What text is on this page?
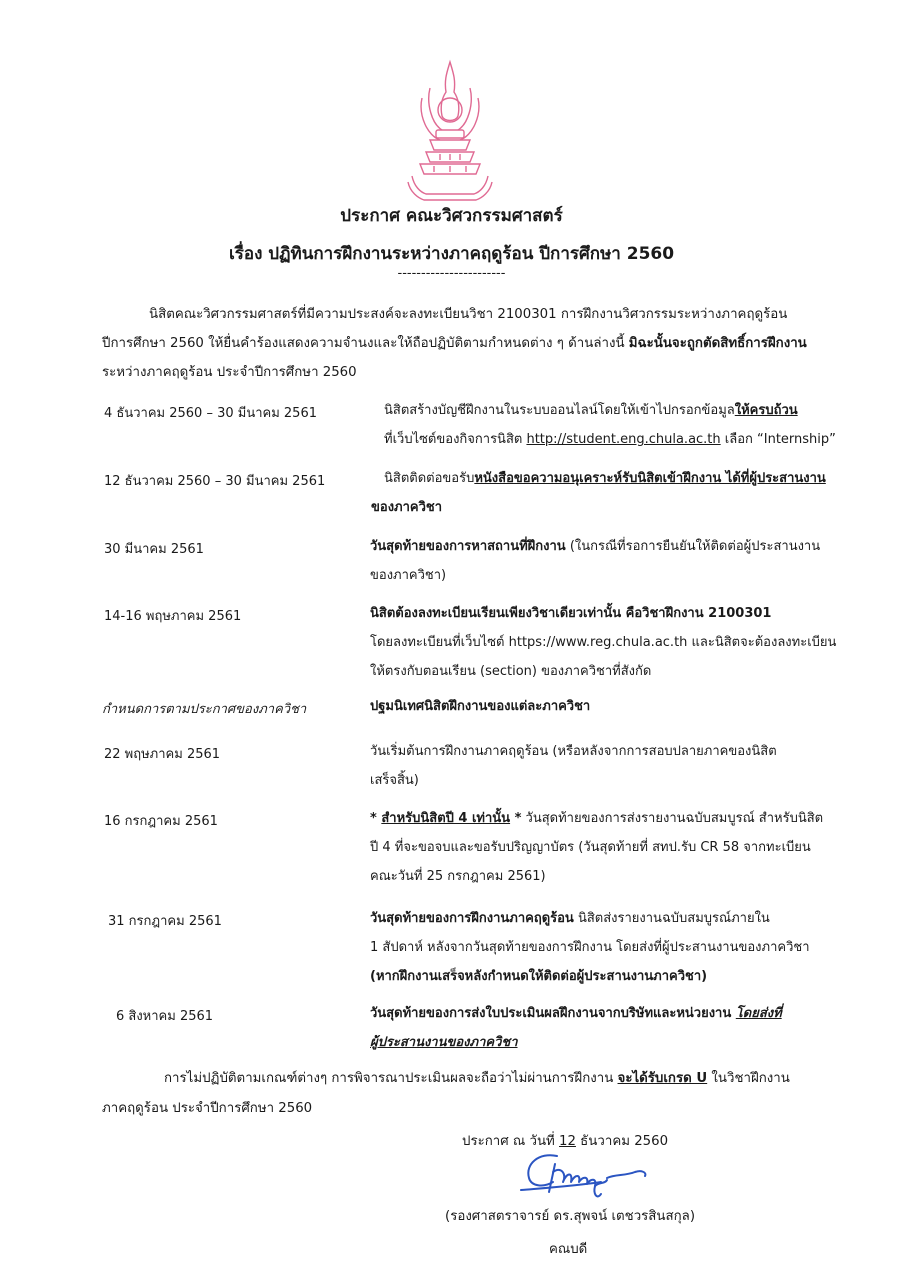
ประกาศ คณะวิศวกรรมศาสตร์
เรื่อง ปฏิทินการฝึกงานระหว่างภาคฤดูร้อน ปีการศึกษา 2560
-----------------------
นิสิตคณะวิศวกรรมศาสตร์ที่มีความประสงค์จะลงทะเบียนวิชา 2100301 การฝึกงานวิศวกรรมระหว่างภาคฤดูร้อน
ปีการศึกษา 2560 ให้ยื่นคำร้องแสดงความจำนงและให้ถือปฏิบัติตามกำหนดต่าง ๆ ด้านล่างนี้ มิฉะนั้นจะถูกตัดสิทธิ์การฝึกงาน
ระหว่างภาคฤดูร้อน ประจำปีการศึกษา 2560
4 ธันวาคม 2560 – 30 มีนาคม 2561	นิสิตสร้างบัญชีฝึกงานในระบบออนไลน์โดยให้เข้าไปกรอกข้อมูลให้ครบถ้วน
ที่เว็บไซต์ของกิจการนิสิต http://student.eng.chula.ac.th เลือก “Internship”
12 ธันวาคม 2560 – 30 มีนาคม 2561	นิสิตติดต่อขอรับหนังสือขอความอนุเคราะห์รับนิสิตเข้าฝึกงาน ได้ที่ผู้ประสานงาน
ของภาควิชา
30 มีนาคม 2561	วันสุดท้ายของการหาสถานที่ฝึกงาน (ในกรณีที่รอการยืนยันให้ติดต่อผู้ประสานงาน
ของภาควิชา)
14-16 พฤษภาคม 2561	นิสิตต้องลงทะเบียนเรียนเพียงวิชาเดียวเท่านั้น คือวิชาฝึกงาน 2100301
โดยลงทะเบียนที่เว็บไซต์ https://www.reg.chula.ac.th และนิสิตจะต้องลงทะเบียน
ให้ตรงกับตอนเรียน (section) ของภาควิชาที่สังกัด
กำหนดการตามประกาศของภาควิชา	ปฐมนิเทศนิสิตฝึกงานของแต่ละภาควิชา
22 พฤษภาคม 2561	วันเริ่มต้นการฝึกงานภาคฤดูร้อน (หรือหลังจากการสอบปลายภาคของนิสิต
เสร็จสิ้น)
16 กรกฎาคม 2561	* สำหรับนิสิตปี 4 เท่านั้น * วันสุดท้ายของการส่งรายงานฉบับสมบูรณ์ สำหรับนิสิต
ปี 4 ที่จะขอจบและขอรับปริญญาบัตร (วันสุดท้ายที่ สทป.รับ CR 58 จากทะเบียน
คณะวันที่ 25 กรกฎาคม 2561)
31 กรกฎาคม 2561	วันสุดท้ายของการฝึกงานภาคฤดูร้อน นิสิตส่งรายงานฉบับสมบูรณ์ภายใน
1 สัปดาห์ หลังจากวันสุดท้ายของการฝึกงาน โดยส่งที่ผู้ประสานงานของภาควิชา
(หากฝึกงานเสร็จหลังกำหนดให้ติดต่อผู้ประสานงานภาควิชา)
6 สิงหาคม 2561	วันสุดท้ายของการส่งใบประเมินผลฝึกงานจากบริษัทและหน่วยงาน โดยส่งที่
ผู้ประสานงานของภาควิชา
การไม่ปฏิบัติตามเกณฑ์ต่างๆ การพิจารณาประเมินผลจะถือว่าไม่ผ่านการฝึกงาน จะได้รับเกรด U ในวิชาฝึกงาน
ภาคฤดูร้อน ประจำปีการศึกษา 2560
ประกาศ ณ วันที่ 12 ธันวาคม 2560
(รองศาสตราจารย์ ดร.สุพจน์ เตชวรสินสกุล)
คณบดี
